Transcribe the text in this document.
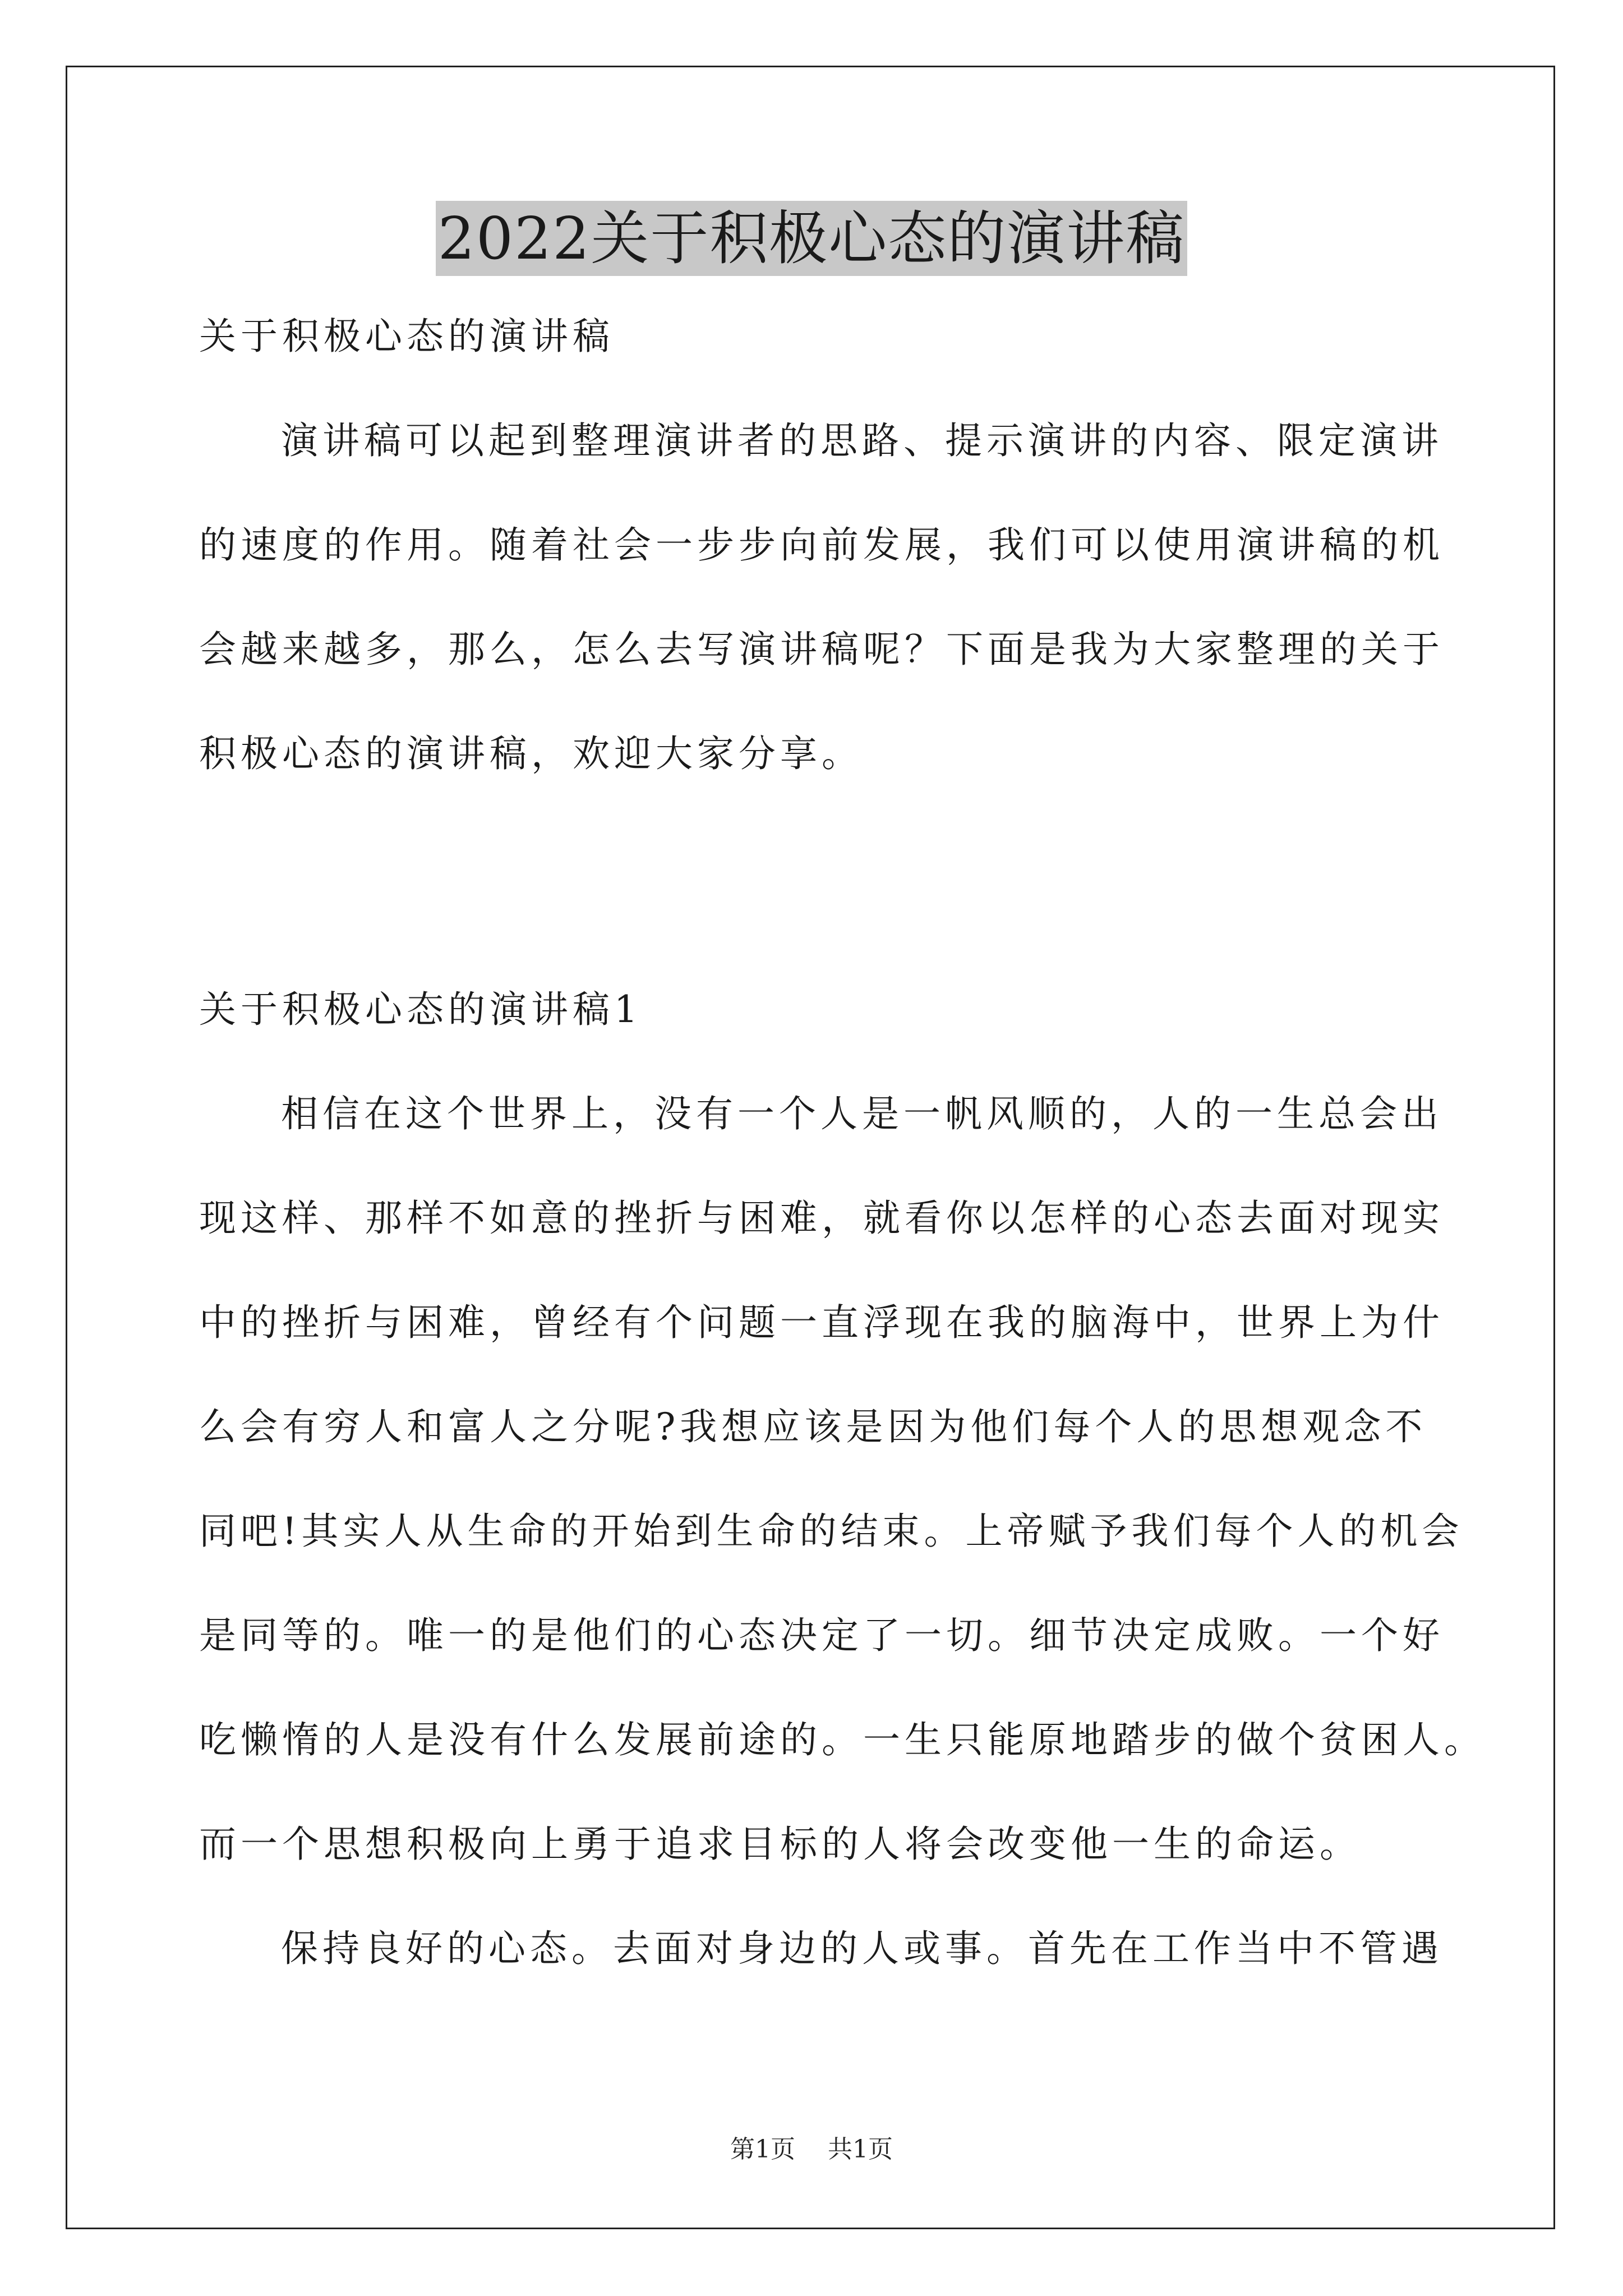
2022关于积极心态的演讲稿
关于积极心态的演讲稿
演讲稿可以起到整理演讲者的思路、提示演讲的内容、限定演讲
的速度的作用。随着社会一步步向前发展，我们可以使用演讲稿的机
会越来越多，那么，怎么去写演讲稿呢？下面是我为大家整理的关于
积极心态的演讲稿，欢迎大家分享。
关于积极心态的演讲稿1
相信在这个世界上，没有一个人是一帆风顺的，人的一生总会出
现这样、那样不如意的挫折与困难，就看你以怎样的心态去面对现实
中的挫折与困难，曾经有个问题一直浮现在我的脑海中，世界上为什
么会有穷人和富人之分呢?我想应该是因为他们每个人的思想观念不
同吧!其实人从生命的开始到生命的结束。上帝赋予我们每个人的机会
是同等的。唯一的是他们的心态决定了一切。细节决定成败。一个好
吃懒惰的人是没有什么发展前途的。一生只能原地踏步的做个贫困人。
而一个思想积极向上勇于追求目标的人将会改变他一生的命运。
保持良好的心态。去面对身边的人或事。首先在工作当中不管遇
第1页 共1页
